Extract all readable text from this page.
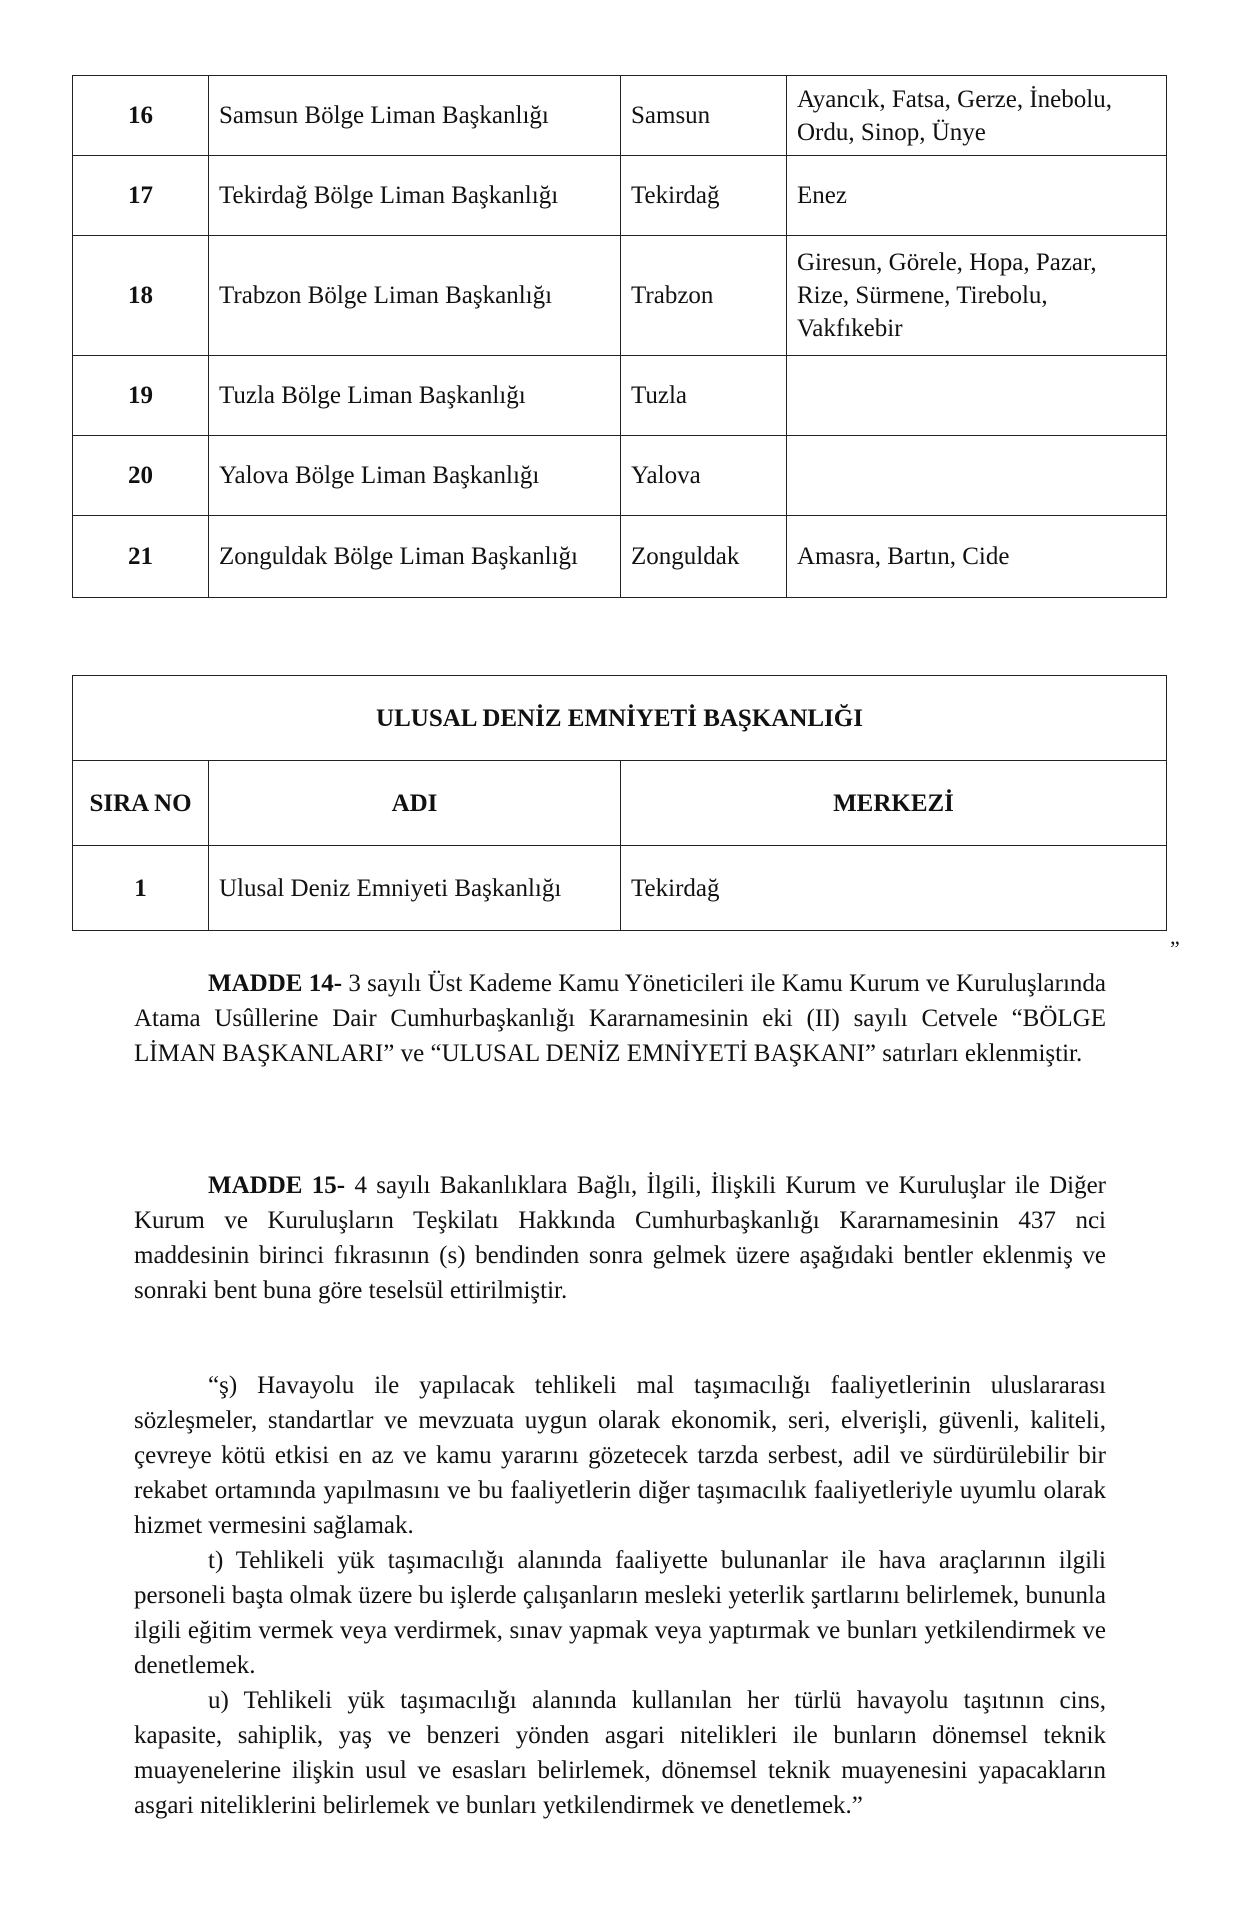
16	Samsun Bölge Liman Başkanlığı	Samsun	Ayancık, Fatsa, Gerze, İnebolu,
Ordu, Sinop, Ünye

17	Tekirdağ Bölge Liman Başkanlığı	Tekirdağ	Enez

18	Trabzon Bölge Liman Başkanlığı	Trabzon	Giresun, Görele, Hopa, Pazar,
Rize, Sürmene, Tirebolu,
Vakfıkebir

19	Tuzla Bölge Liman Başkanlığı	Tuzla	
20	Yalova Bölge Liman Başkanlığı	Yalova	
21	Zonguldak Bölge Liman Başkanlığı	Zonguldak	Amasra, Bartın, Cide
ULUSAL DENİZ EMNİYETİ BAŞKANLIĞI		
SIRA NO	ADI	MERKEZİ
1	Ulusal Deniz Emniyeti Başkanlığı	Tekirdağ
”

MADDE 14- 3 sayılı Üst Kademe Kamu Yöneticileri ile Kamu Kurum ve Kuruluşlarında Atama Usûllerine Dair Cumhurbaşkanlığı Kararnamesinin eki (II) sayılı Cetvele “BÖLGE LİMAN BAŞKANLARI” ve “ULUSAL DENİZ EMNİYETİ BAŞKANI” satırları eklenmiştir.

MADDE 15- 4 sayılı Bakanlıklara Bağlı, İlgili, İlişkili Kurum ve Kuruluşlar ile Diğer Kurum ve Kuruluşların Teşkilatı Hakkında Cumhurbaşkanlığı Kararnamesinin 437 nci maddesinin birinci fıkrasının (s) bendinden sonra gelmek üzere aşağıdaki bentler eklenmiş ve sonraki bent buna göre teselsül ettirilmiştir.

“ş) Havayolu ile yapılacak tehlikeli mal taşımacılığı faaliyetlerinin uluslararası sözleşmeler, standartlar ve mevzuata uygun olarak ekonomik, seri, elverişli, güvenli, kaliteli, çevreye kötü etkisi en az ve kamu yararını gözetecek tarzda serbest, adil ve sürdürülebilir bir rekabet ortamında yapılmasını ve bu faaliyetlerin diğer taşımacılık faaliyetleriyle uyumlu olarak hizmet vermesini sağlamak.

t) Tehlikeli yük taşımacılığı alanında faaliyette bulunanlar ile hava araçlarının ilgili personeli başta olmak üzere bu işlerde çalışanların mesleki yeterlik şartlarını belirlemek, bununla ilgili eğitim vermek veya verdirmek, sınav yapmak veya yaptırmak ve bunları yetkilendirmek ve denetlemek.

u) Tehlikeli yük taşımacılığı alanında kullanılan her türlü havayolu taşıtının cins, kapasite, sahiplik, yaş ve benzeri yönden asgari nitelikleri ile bunların dönemsel teknik muayenelerine ilişkin usul ve esasları belirlemek, dönemsel teknik muayenesini yapacakların asgari niteliklerini belirlemek ve bunları yetkilendirmek ve denetlemek.”
